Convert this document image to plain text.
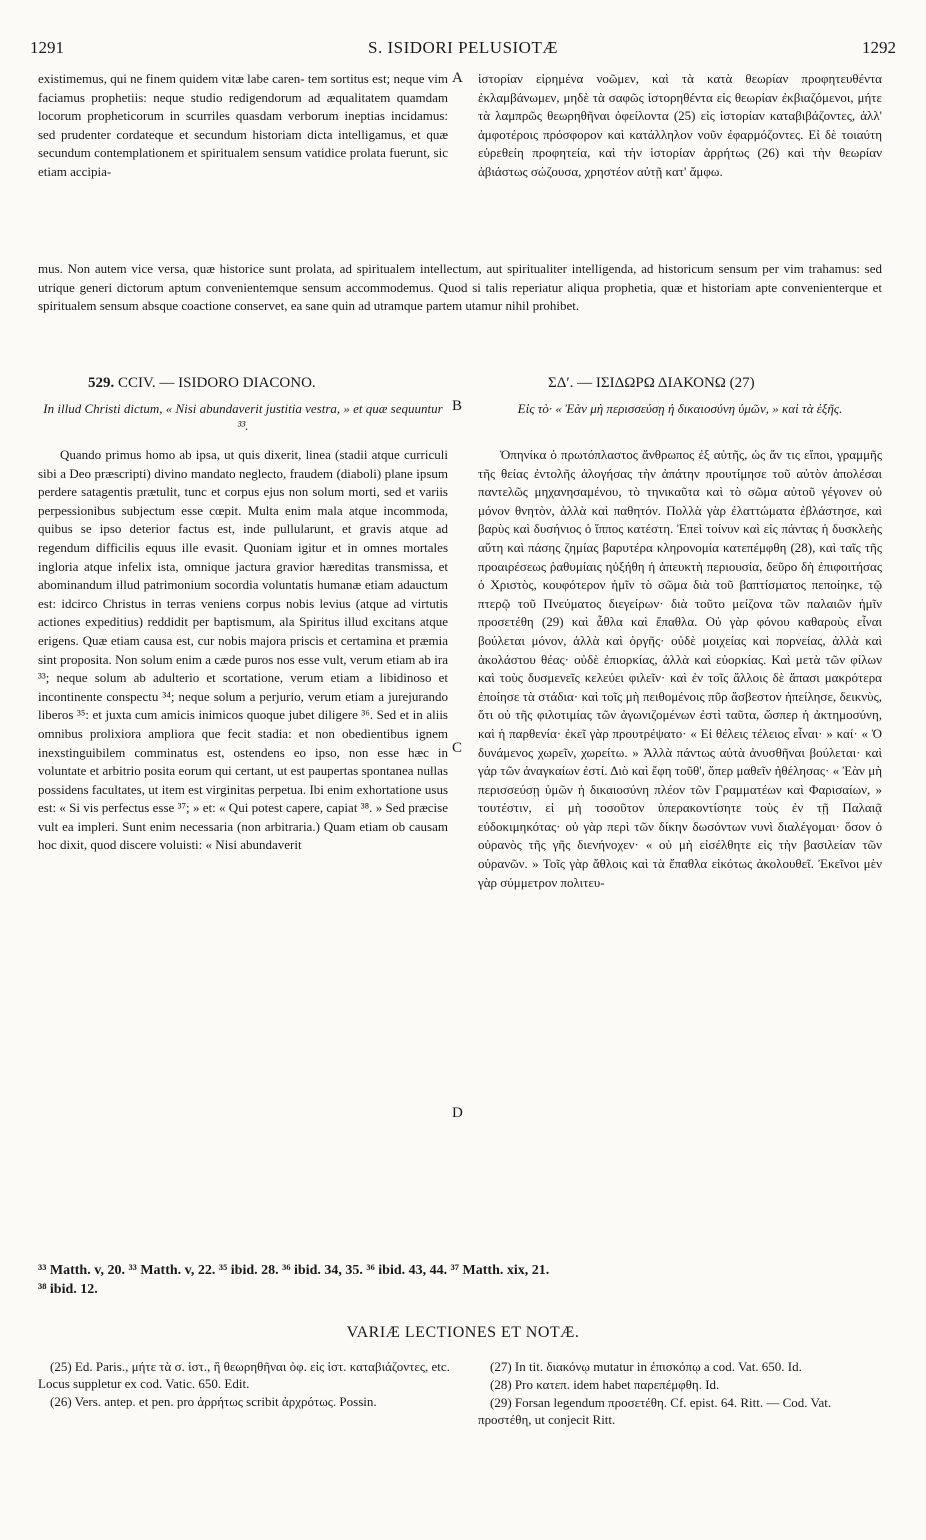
1291	S. ISIDORI PELUSIOTÆ	1292
existimemus, qui ne finem quidem vitæ labe caren- tem sortitus est; neque vim faciamus prophetiis: neque studio redigendorum ad æqualitatem quamdam locorum propheticorum in scurriles quasdam verborum ineptias incidamus: sed prudenter cordateque et secundum historiam dicta intelligamus, et quæ secundum contemplationem et spiritualem sensum vatidice prolata fuerunt, sic etiam accipia-
A ἱστορίαν εἰρημένα νοῶμεν, καὶ τὰ κατὰ θεωρίαν προφητευθέντα ἐκλαμβάνωμεν, μηδὲ τὰ σαφῶς ἱστορηθέντα εἰς θεωρίαν ἐκβιαζόμενοι, μήτε τὰ λαμπρῶς θεωρηθῆναι ὀφείλοντα (25) εἰς ἱστορίαν καταβιβάζοντες, ἀλλ' ἀμφοτέροις πρόσφορον καὶ κατάλληλον νοῦν ἐφαρμόζοντες. Εἰ δὲ τοιαύτη εὑρεθείη προφητεία, καὶ τὴν ἱστορίαν ἀρρήτως (26) καὶ τὴν θεωρίαν ἀβιάστως σώζουσα, χρηστέον αὐτῇ κατ' ἄμφω.
mus. Non autem vice versa, quæ historice sunt prolata, ad spiritualem intellectum, aut spiritualiter intelligenda, ad historicum sensum per vim trahamus: sed utrique generi dictorum aptum convenientemque sensum accommodemus. Quod si talis reperiatur aliqua prophetia, quæ et historiam apte convenienterque et spiritualem sensum absque coactione conservet, ea sane quin ad utramque partem utamur nihil prohibet.
529. CCIV. — ISIDORO DIACONO.	ΣΔʹ. — ΙΣΙΔΩΡΩ ΔΙΑΚΟΝΩ (27)
In illud Christi dictum, « Nisi abundaverit justitia vestra, » et quæ sequuntur ³³.
B	Εἰς τὸ· « Ἐὰν μὴ περισσεύσῃ ἡ δικαιοσύνη ὑμῶν, » καὶ τὰ ἑξῆς.
Quando primus homo ab ipsa, ut quis dixerit, linea (stadii atque curriculi sibi a Deo præscripti) divino mandato neglecto, fraudem (diaboli) plane ipsum perdere satagentis prætulit, tunc et corpus ejus non solum morti, sed et variis perpessionibus subjectum esse cœpit. Multa enim mala atque incommoda, quibus se ipso deterior factus est, inde pullularunt, et gravis atque ad regendum difficilis equus ille evasit. Quoniam igitur et in omnes mortales ingloria atque infelix ista, omnique jactura gravior hæreditas transmissa, et abominandum illud patrimonium socordia voluntatis humanæ etiam adauctum est: idcirco Christus in terras veniens corpus nobis levius (atque ad virtutis actiones expeditius) reddidit per baptismum, ala Spiritus illud excitans atque erigens. Quæ etiam causa est, cur nobis majora priscis et certamina et præmia sint proposita. Non solum enim a cæde puros nos esse vult, verum etiam ab ira ³³; neque solum ab adulterio et scortatione, verum etiam a libidinoso et incontinente conspectu ³⁴; neque solum a perjurio, verum etiam a jurejurando liberos ³⁵: et juxta cum amicis inimicos quoque jubet diligere ³⁶. Sed et in aliis omnibus prolixiora ampliora que fecit stadia: et non obedientibus ignem inexstinguibilem comminatus est, ostendens eo ipso, non esse hæc in voluntate et arbitrio posita eorum qui certant, ut est paupertas spontanea nullas possidens facultates, ut item est virginitas perpetua. Ibi enim exhortatione usus est: « Si vis perfectus esse ³⁷; » et: « Qui potest capere, capiat ³⁸. » Sed præcise vult ea impleri. Sunt enim necessaria (non arbitraria.) Quam etiam ob causam hoc dixit, quod discere voluisti: « Nisi abundaverit
C
D
Ὁπηνίκα ὁ πρωτόπλαστος ἄνθρωπος ἐξ αὐτῆς, ὡς ἄν τις εἴποι, γραμμῆς τῆς θείας ἐντολῆς ἀλογήσας τὴν ἀπάτην προυτίμησε τοῦ αὐτὸν ἀπολέσαι παντελῶς μηχανησαμένου, τὸ τηνικαῦτα καὶ τὸ σῶμα αὐτοῦ γέγονεν οὐ μόνον θνητὸν, ἀλλὰ καὶ παθητόν. Πολλὰ γὰρ ἐλαττώματα ἐβλάστησε, καὶ βαρὺς καὶ δυσήνιος ὁ ἵππος κατέστη. Ἐπεὶ τοίνυν καὶ εἰς πάντας ἡ δυσκλεὴς αὕτη καὶ πάσης ζημίας βαρυτέρα κληρονομία κατεπέμφθη (28), καὶ ταῖς τῆς προαιρέσεως ῥαθυμίαις ηὐξήθη ἡ ἀπευκτὴ περιουσία, δεῦρο δὴ ἐπιφοιτήσας ὁ Χριστὸς, κουφότερον ἡμῖν τὸ σῶμα διὰ τοῦ βαπτίσματος πεποίηκε, τῷ πτερῷ τοῦ Πνεύματος διεγείρων· διὰ τοῦτο μείζονα τῶν παλαιῶν ἡμῖν προσετέθη (29) καὶ ἆθλα καὶ ἔπαθλα. Οὐ γὰρ φόνου καθαροὺς εἶναι βούλεται μόνον, ἀλλὰ καὶ ὀργῆς· οὐδὲ μοιχείας καὶ πορνείας, ἀλλὰ καὶ ἀκολάστου θέας· οὐδὲ ἐπιορκίας, ἀλλὰ καὶ εὐορκίας. Καὶ μετὰ τῶν φίλων καὶ τοὺς δυσμενεῖς κελεύει φιλεῖν· καὶ ἐν τοῖς ἄλλοις δὲ ἅπασι μακρότερα ἐποίησε τὰ στάδια· καὶ τοῖς μὴ πειθομένοις πῦρ ἄσβεστον ἠπείλησε, δεικνὺς, ὅτι οὐ τῆς φιλοτιμίας τῶν ἀγωνιζομένων ἐστὶ ταῦτα, ὥσπερ ἡ ἀκτημοσύνη, καὶ ἡ παρθενία· ἐκεῖ γὰρ προυτρέψατο· « Εἰ θέλεις τέλειος εἶναι· » καί· « Ὁ δυνάμενος χωρεῖν, χωρείτω. » Ἀλλὰ πάντως αὐτὰ ἀνυσθῆναι βούλεται· καὶ γάρ τῶν ἀναγκαίων ἐστί. Διὸ καὶ ἔφη τοῦθ', ὅπερ μαθεῖν ἠθέλησας· « Ἐὰν μὴ περισσεύσῃ ὑμῶν ἡ δικαιοσύνη πλέον τῶν Γραμματέων καὶ Φαρισαίων, » τουτέστιν, εἰ μὴ τοσοῦτον ὑπερακοντίσητε τοὺς ἐν τῇ Παλαιᾷ εὐδοκιμηκότας· οὐ γὰρ περὶ τῶν δίκην δωσόντων νυνὶ διαλέγομαι· ὅσον ὁ οὐρανὸς τῆς γῆς διενήνοχεν· « οὐ μὴ εἰσέλθητε εἰς τὴν βασιλείαν τῶν οὐρανῶν. » Τοῖς γὰρ ἄθλοις καὶ τὰ ἔπαθλα εἰκότως ἀκολουθεῖ. Ἐκεῖνοι μὲν γὰρ σύμμετρον πολιτευ-
³³ Matth. v, 20. ³³ Matth. v, 22. ³⁵ ibid. 28. ³⁶ ibid. 34, 35. ³⁶ ibid. 43, 44. ³⁷ Matth. xix, 21.
³⁸ ibid. 12.
VARIÆ LECTIONES ET NOTÆ.

(25) Ed. Paris., μήτε τὰ σ. ἱστ., ἢ θεωρηθῆναι ὀφ. εἰς ἱστ. καταβιάζοντες, etc. Locus suppletur ex cod. Vatic. 650. Edit.

(26) Vers. antep. et pen. pro ἀρρήτως scribit ἀρχρότως. Possin.

(27) In tit. διακόνῳ mutatur in ἐπισκόπῳ a cod. Vat. 650. Id.

(28) Pro κατεπ. idem habet παρεπέμφθη. Id.

(29) Forsan legendum προσετέθη. Cf. epist. 64. Ritt. — Cod. Vat. προστέθη, ut conjecit Ritt.
